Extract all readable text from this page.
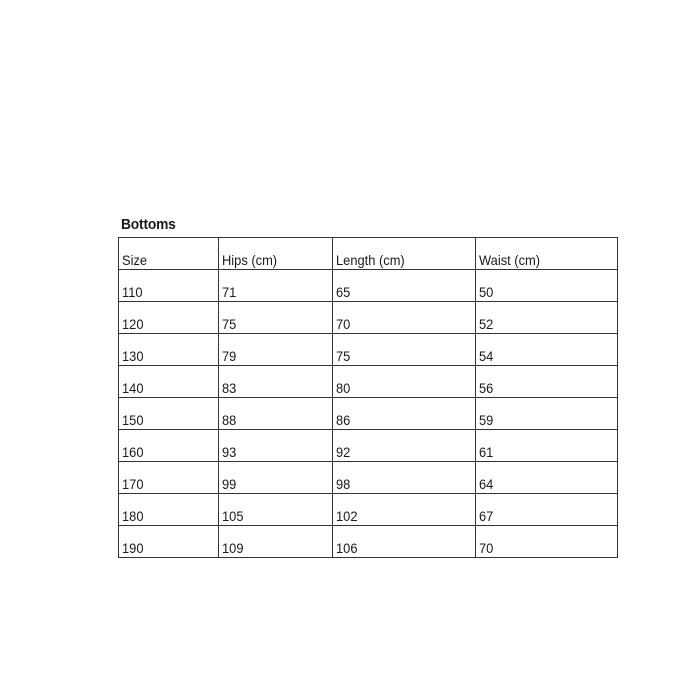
Bottoms
Size	Hips (cm)	Length (cm)	Waist (cm)
110	71	65	50
120	75	70	52
130	79	75	54
140	83	80	56
150	88	86	59
160	93	92	61
170	99	98	64
180	105	102	67
190	109	106	70
